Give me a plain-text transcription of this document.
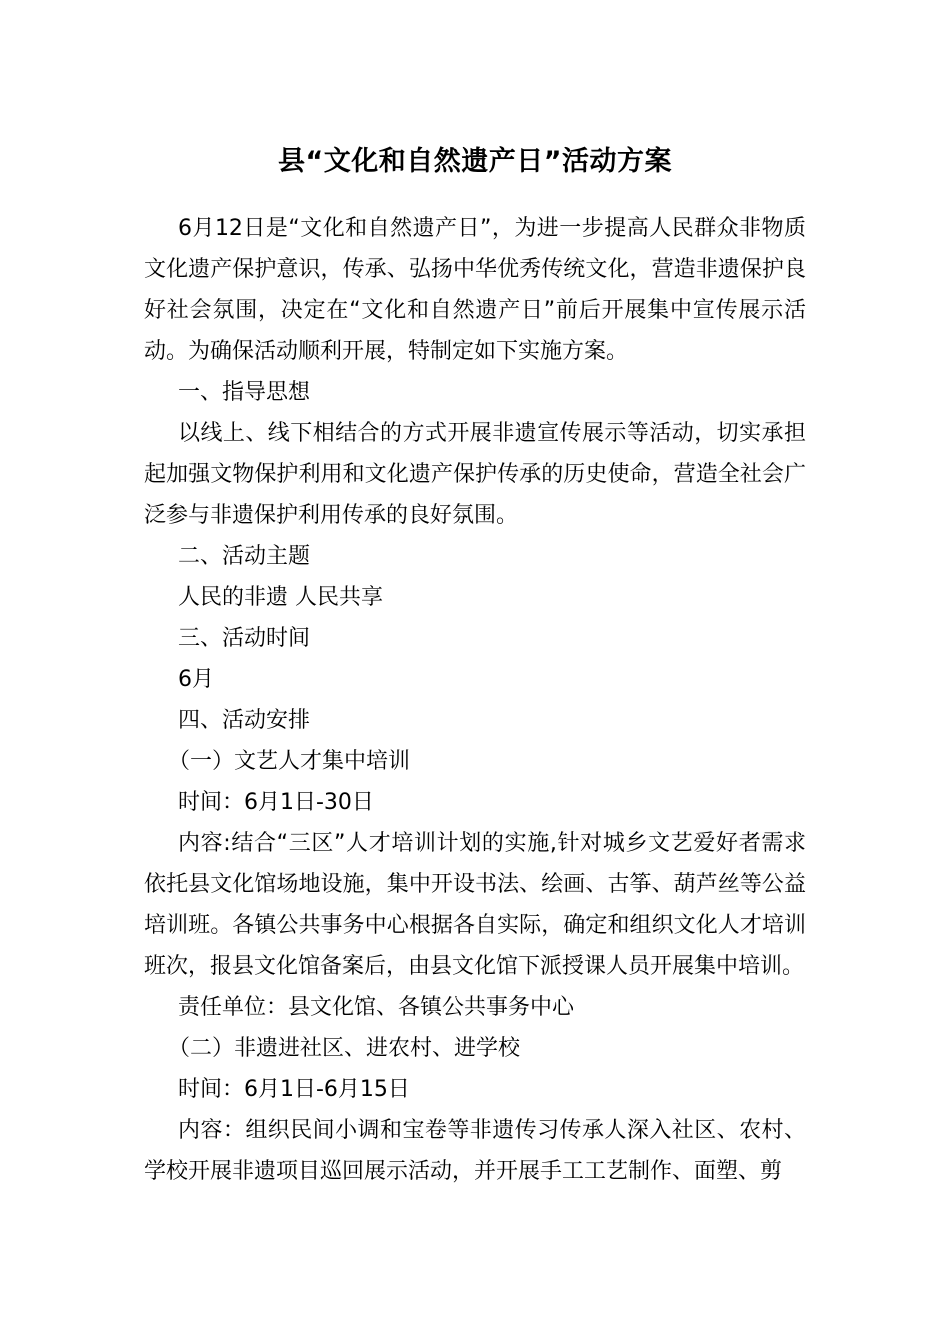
县“文化和自然遗产日”活动方案

6月12日是“文化和自然遗产日”，为进一步提高人民群众非物质文化遗产保护意识，传承、弘扬中华优秀传统文化，营造非遗保护良好社会氛围，决定在“文化和自然遗产日”前后开展集中宣传展示活动。为确保活动顺利开展，特制定如下实施方案。

一、指导思想

以线上、线下相结合的方式开展非遗宣传展示等活动，切实承担起加强文物保护利用和文化遗产保护传承的历史使命，营造全社会广泛参与非遗保护利用传承的良好氛围。

二、活动主题

人民的非遗 人民共享

三、活动时间

6月

四、活动安排

（一）文艺人才集中培训

时间：6月1日-30日

内容:结合“三区”人才培训计划的实施,针对城乡文艺爱好者需求依托县文化馆场地设施，集中开设书法、绘画、古筝、葫芦丝等公益培训班。各镇公共事务中心根据各自实际，确定和组织文化人才培训班次，报县文化馆备案后，由县文化馆下派授课人员开展集中培训。

责任单位：县文化馆、各镇公共事务中心

（二）非遗进社区、进农村、进学校

时间：6月1日-6月15日

内容：组织民间小调和宝卷等非遗传习传承人深入社区、农村、学校开展非遗项目巡回展示活动，并开展手工工艺制作、面塑、剪
